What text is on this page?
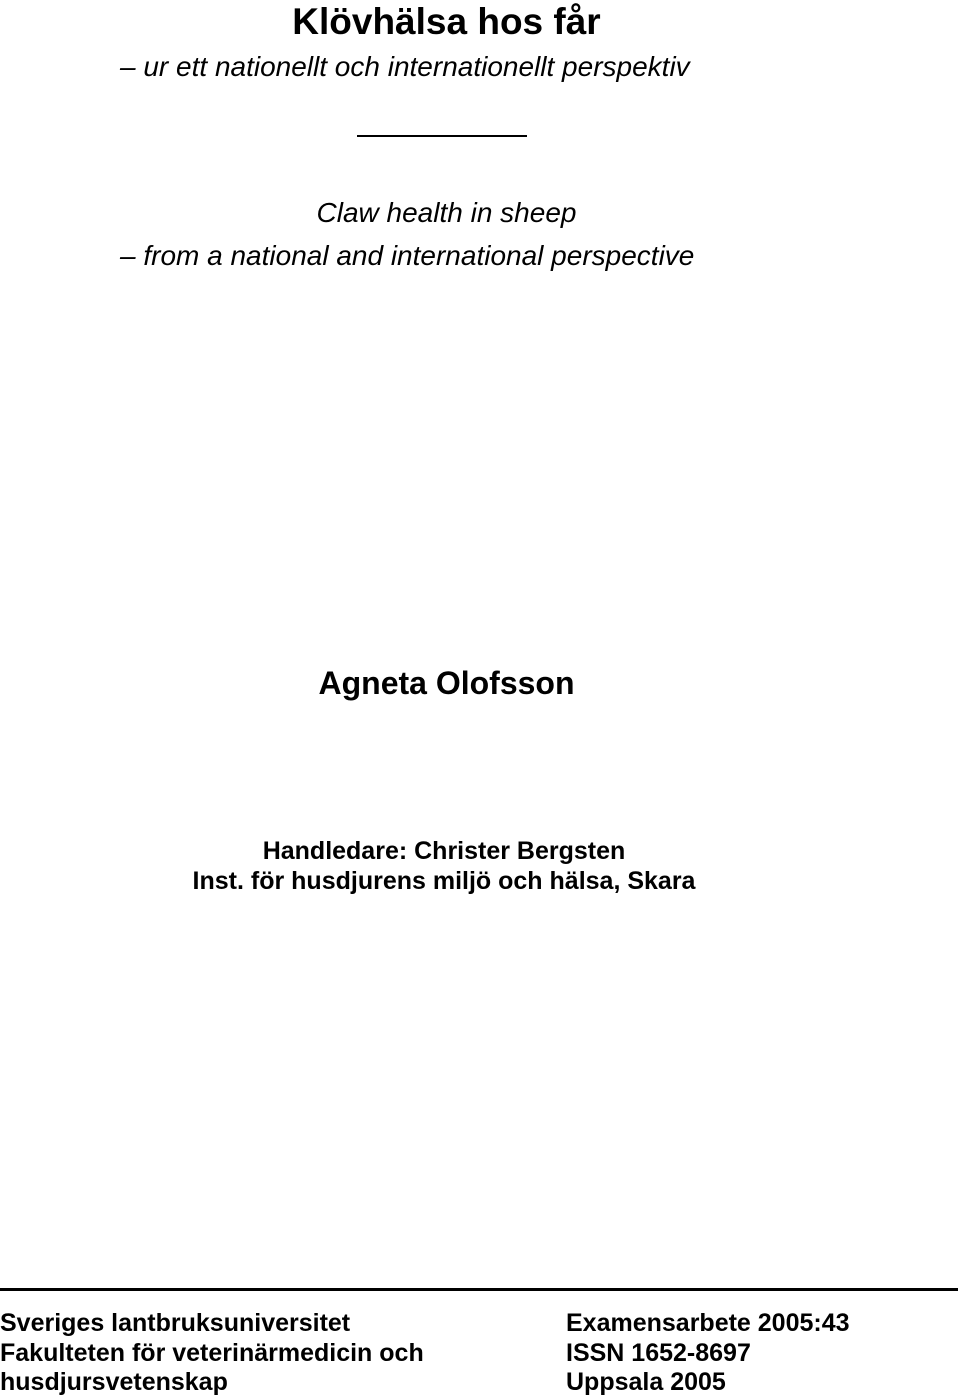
Klövhälsa hos får
– ur ett nationellt och internationellt perspektiv
Claw health in sheep
– from a national and international perspective
Agneta Olofsson
Handledare: Christer Bergsten
Inst. för husdjurens miljö och hälsa, Skara
Sveriges lantbruksuniversitet
Fakulteten för veterinärmedicin och
husdjursvetenskap
Examensarbete 2005:43
ISSN 1652-8697
Uppsala 2005
